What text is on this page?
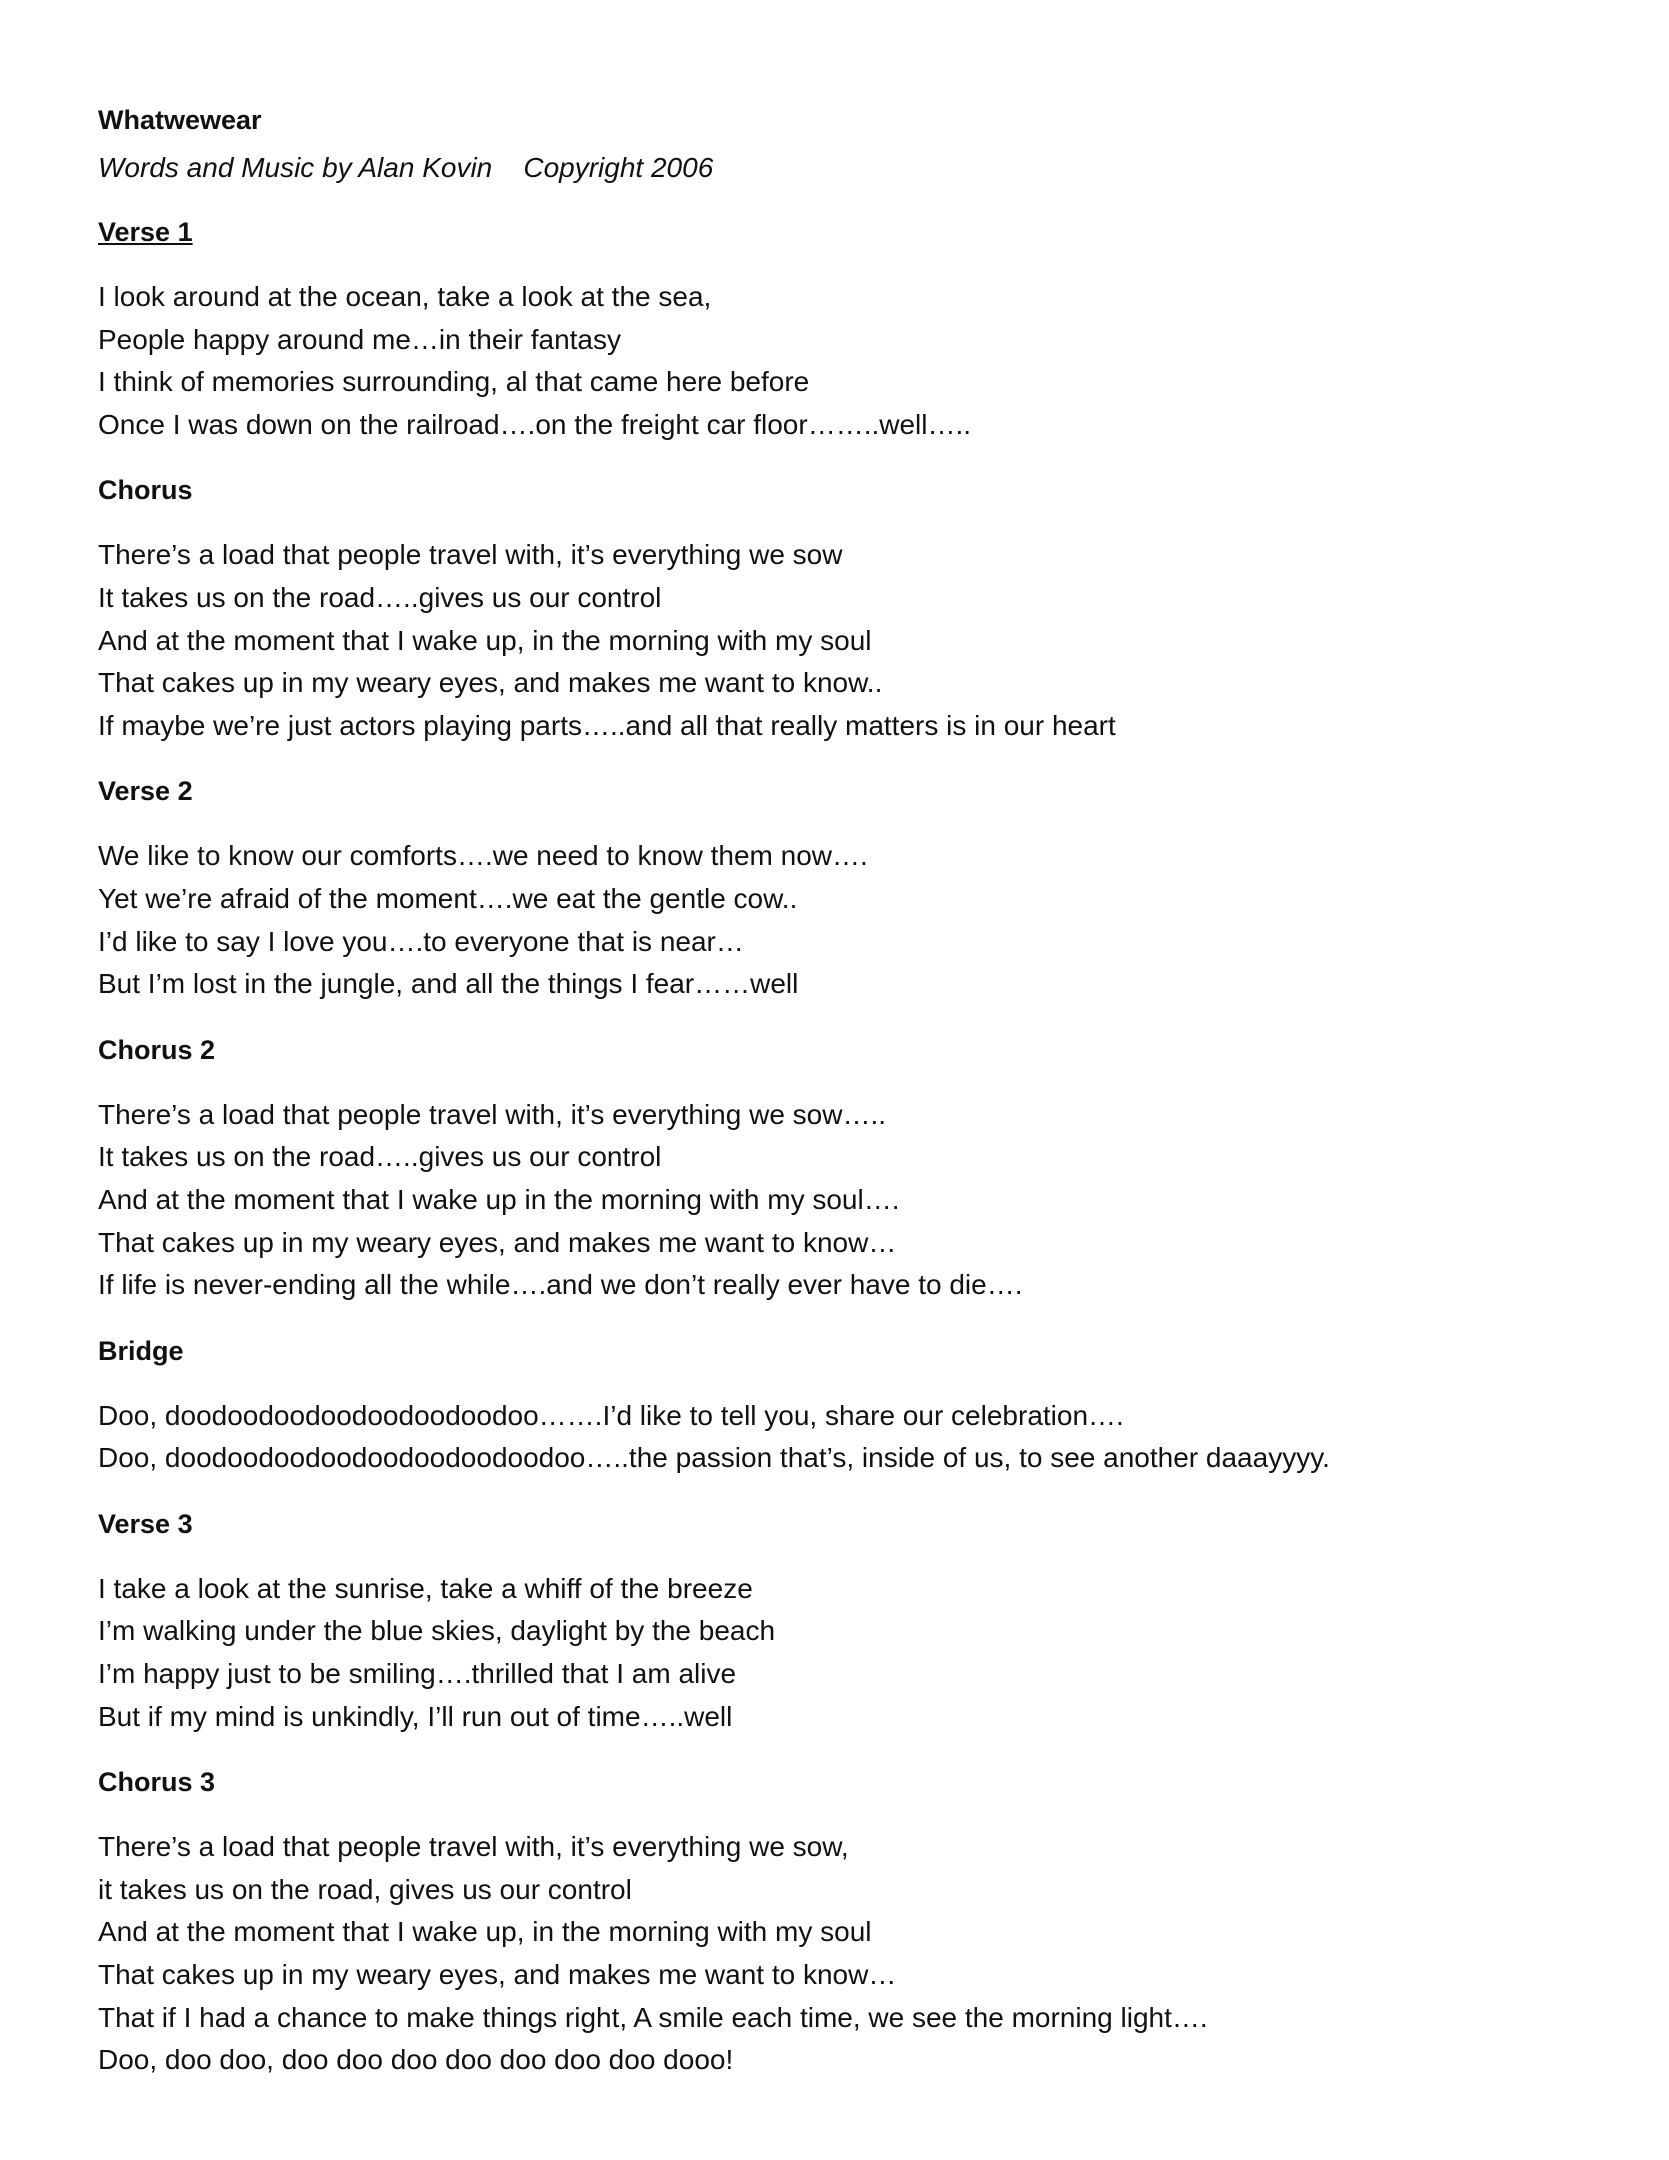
Whatwewear

Words and Music by Alan Kovin    Copyright 2006

Verse 1
I look around at the ocean, take a look at the sea,
People happy around me…in their fantasy
I think of memories surrounding, al that came here before
Once I was down on the railroad….on the freight car floor……..well…..
Chorus
There’s a load that people travel with, it’s everything we sow
It takes us on the road…..gives us our control
And at the moment that I wake up, in the morning with my soul
That cakes up in my weary eyes, and makes me want to know..
If maybe we’re just actors playing parts…..and all that really matters is in our heart
Verse 2
We like to know our comforts….we need to know them now….
Yet we’re afraid of the moment….we eat the gentle cow..
I’d like to say I love you….to everyone that is near…
But I’m lost in the jungle, and all the things I fear……well
Chorus 2
There’s a load that people travel with, it’s everything we sow…..
It takes us on the road…..gives us our control
And at the moment that I wake up in the morning with my soul….
That cakes up in my weary eyes, and makes me want to know…
If life is never-ending all the while….and we don’t really ever have to die….
Bridge
Doo, doodoodoodoodoodoodoodoo…….I’d like to tell you, share our celebration….
Doo, doodoodoodoodoodoodoodoodoo…..the passion that’s, inside of us, to see another daaayyyy.
Verse 3
I take a look at the sunrise, take a whiff of the breeze
I’m walking under the blue skies, daylight by the beach
I’m happy just to be smiling….thrilled that I am alive
But if my mind is unkindly, I’ll run out of time…..well
Chorus 3
There’s a load that people travel with, it’s everything we sow,
it takes us on the road, gives us our control
And at the moment that I wake up, in the morning with my soul
That cakes up in my weary eyes, and makes me want to know…
That if I had a chance to make things right, A smile each time, we see the morning light….
Doo, doo doo, doo doo doo doo doo doo doo dooo!
